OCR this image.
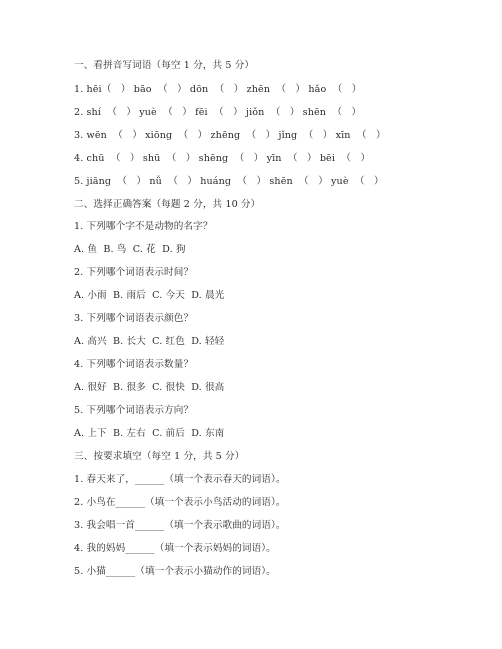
一、看拼音写词语（每空 1 分，共 5 分）
1. hēi（   ） bāo  （   ） dōn  （   ） zhēn  （   ） hǎo  （   ）
2. shí  （   ） yuè  （   ） fēi  （   ） jiǒn  （   ） shēn  （   ）
3. wēn  （   ） xiōng  （   ） zhēng  （   ） jǐng  （   ） xīn  （   ）
4. chū  （   ） shū  （   ） shēng  （   ） yīn  （   ） bēi  （   ）
5. jiāng  （   ） nǚ  （   ） huáng  （   ） shēn  （   ） yuè  （   ）
二、选择正确答案（每题 2 分，共 10 分）
1. 下列哪个字不是动物的名字？
A. 鱼  B. 鸟  C. 花  D. 狗
2. 下列哪个词语表示时间？
A. 小雨  B. 雨后  C. 今天  D. 晨光
3. 下列哪个词语表示颜色？
A. 高兴  B. 长大  C. 红色  D. 轻轻
4. 下列哪个词语表示数量？
A. 很好  B. 很多  C. 很快  D. 很高
5. 下列哪个词语表示方向？
A. 上下  B. 左右  C. 前后  D. 东南
三、按要求填空（每空 1 分，共 5 分）
1. 春天来了，______（填一个表示春天的词语）。
2. 小鸟在______（填一个表示小鸟活动的词语）。
3. 我会唱一首______（填一个表示歌曲的词语）。
4. 我的妈妈______（填一个表示妈妈的词语）。
5. 小猫______（填一个表示小猫动作的词语）。
